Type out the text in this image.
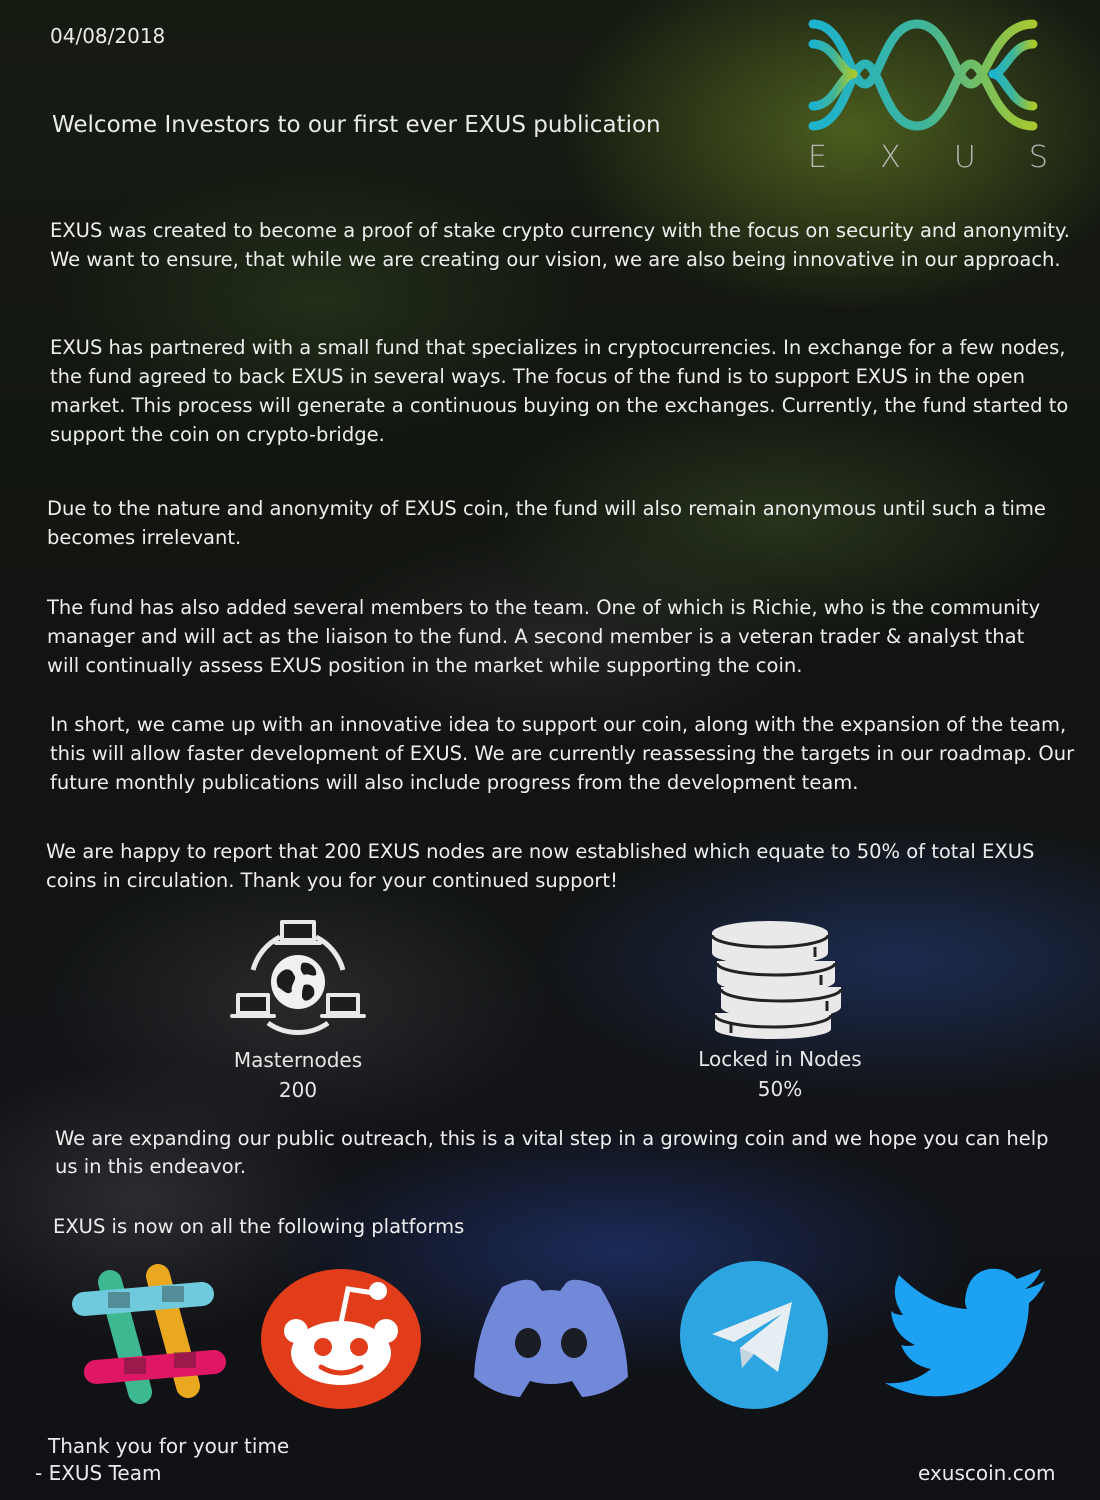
04/08/2018
Welcome Investors to our first ever EXUS publication
E X U S

EXUS was created to become a proof of stake crypto currency with the focus on security and anonymity. We want to ensure, that while we are creating our vision, we are also being innovative in our approach.

EXUS has partnered with a small fund that specializes in cryptocurrencies. In exchange for a few nodes, the fund agreed to back EXUS in several ways. The focus of the fund is to support EXUS in the open market. This process will generate a continuous buying on the exchanges. Currently, the fund started to support the coin on crypto-bridge.

Due to the nature and anonymity of EXUS coin, the fund will also remain anonymous until such a time becomes irrelevant.

The fund has also added several members to the team. One of which is Richie, who is the community manager and will act as the liaison to the fund. A second member is a veteran trader & analyst that will continually assess EXUS position in the market while supporting the coin.

In short, we came up with an innovative idea to support our coin, along with the expansion of the team, this will allow faster development of EXUS. We are currently reassessing the targets in our roadmap. Our future monthly publications will also include progress from the development team.

We are happy to report that 200 EXUS nodes are now established which equate to 50% of total EXUS coins in circulation. Thank you for your continued support!

Masternodes
200
Locked in Nodes
50%

We are expanding our public outreach, this is a vital step in a growing coin and we hope you can help us in this endeavor.

EXUS is now on all the following platforms

Thank you for your time
- EXUS Team	exuscoin.com
